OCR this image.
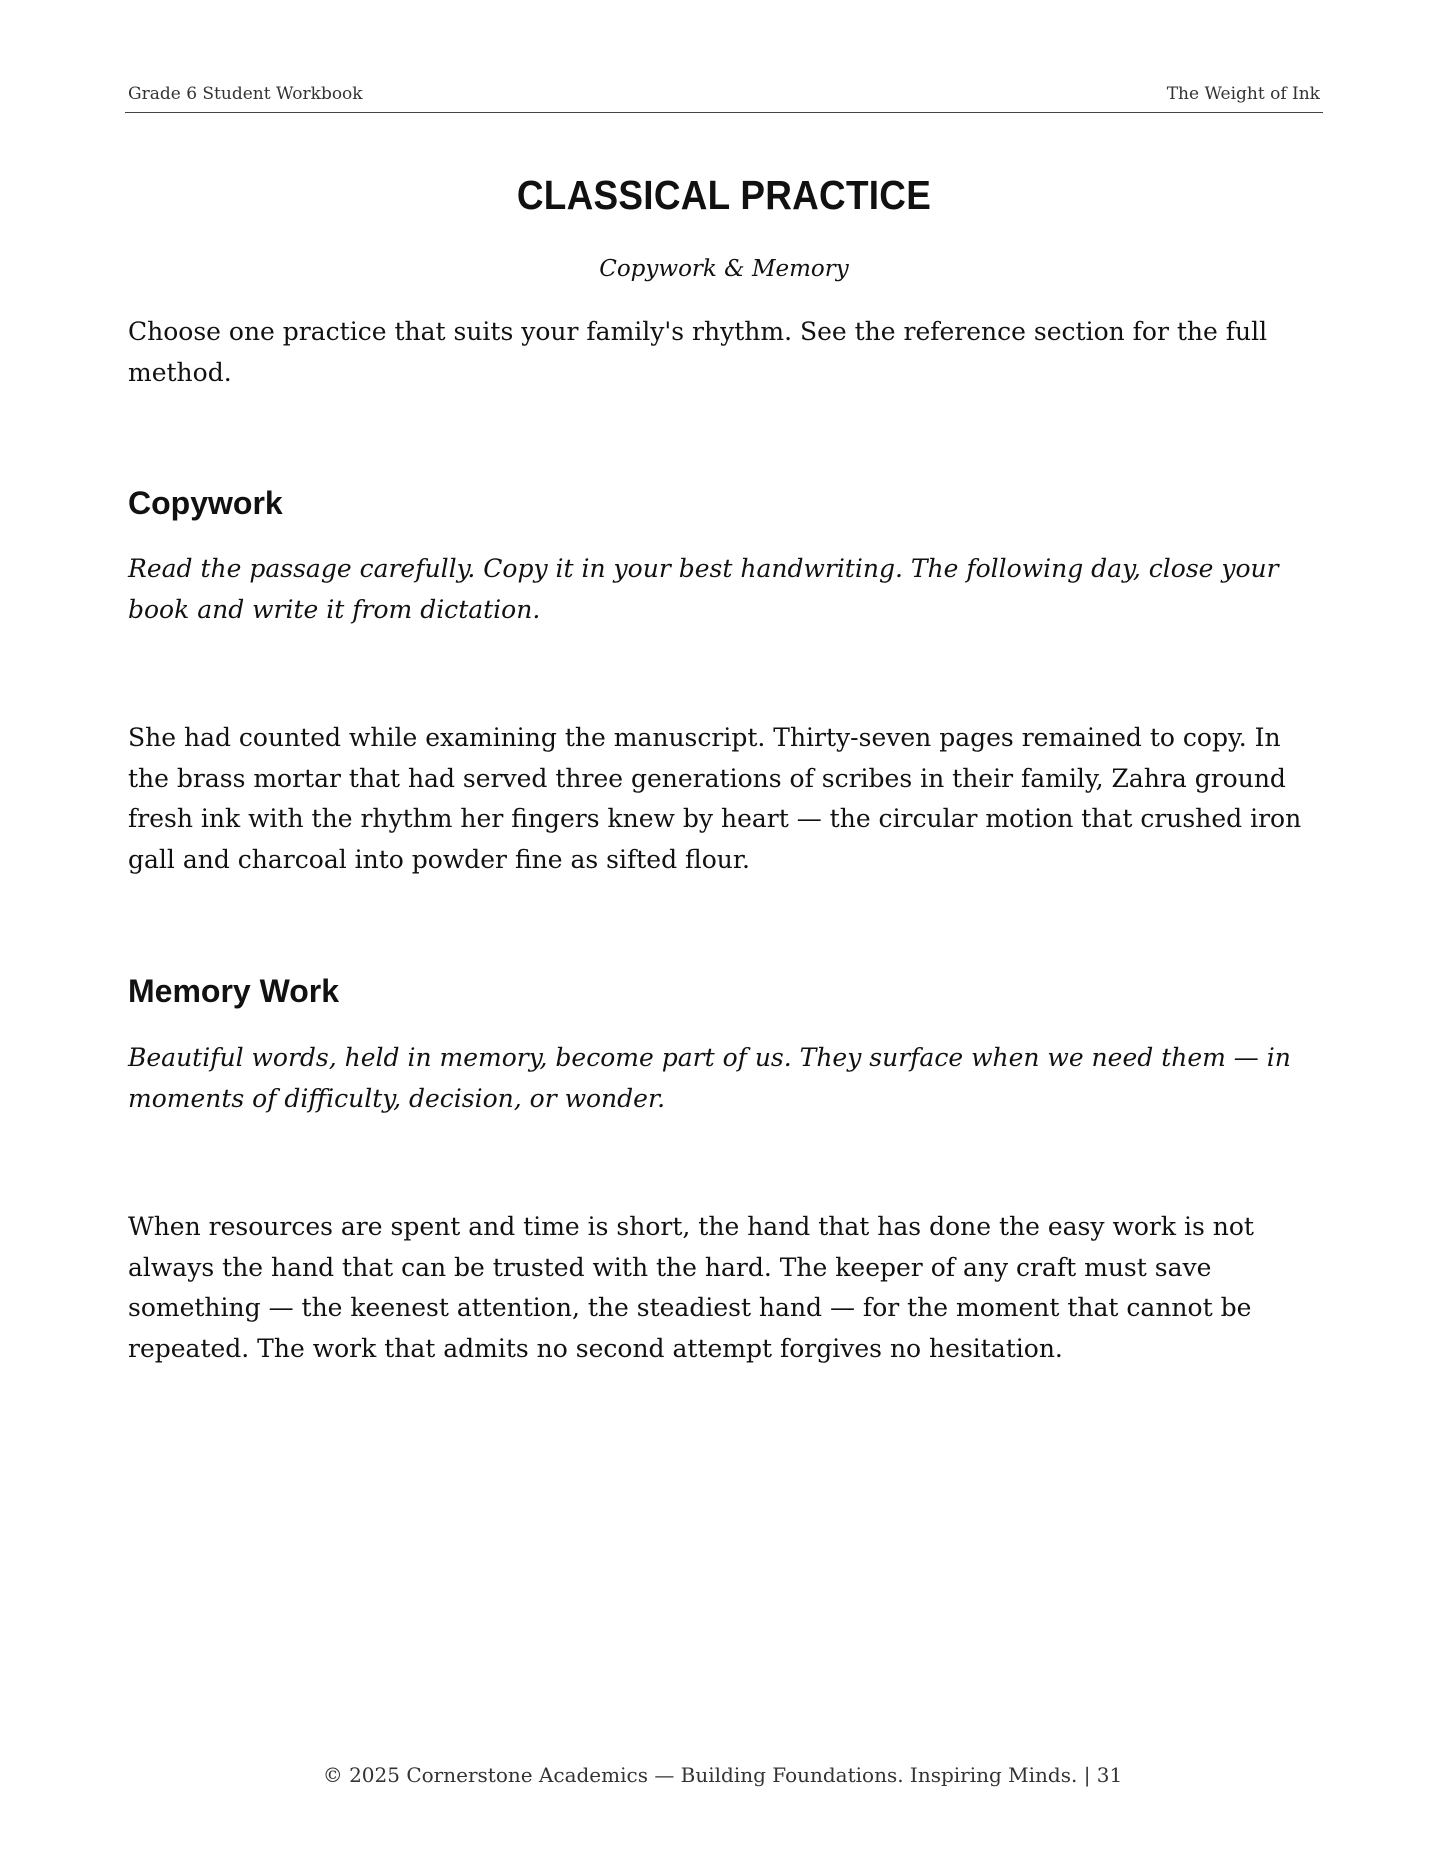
Grade 6 Student Workbook	The Weight of Ink
CLASSICAL PRACTICE
Copywork & Memory

Choose one practice that suits your family's rhythm. See the reference section for the full method.

Copywork

Read the passage carefully. Copy it in your best handwriting. The following day, close your book and write it from dictation.

She had counted while examining the manuscript. Thirty-seven pages remained to copy. In the brass mortar that had served three generations of scribes in their family, Zahra ground fresh ink with the rhythm her fingers knew by heart — the circular motion that crushed iron gall and charcoal into powder fine as sifted flour.

Memory Work

Beautiful words, held in memory, become part of us. They surface when we need them — in moments of difficulty, decision, or wonder.

When resources are spent and time is short, the hand that has done the easy work is not always the hand that can be trusted with the hard. The keeper of any craft must save something — the keenest attention, the steadiest hand — for the moment that cannot be repeated. The work that admits no second attempt forgives no hesitation.

© 2025 Cornerstone Academics — Building Foundations. Inspiring Minds. | 31
